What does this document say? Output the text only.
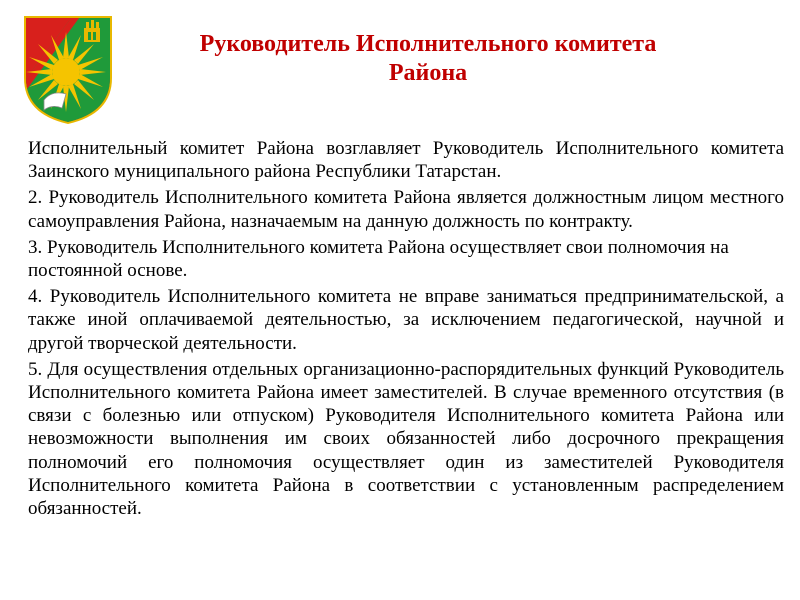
Руководитель Исполнительного комитета
Района

Исполнительный комитет Района возглавляет Руководитель Исполнительного комитета Заинского муниципального района Республики Татарстан.

2. Руководитель Исполнительного комитета Района является должностным лицом местного самоуправления Района, назначаемым на данную должность по контракту.

3. Руководитель Исполнительного комитета Района осуществляет свои полномочия на постоянной основе.

4. Руководитель Исполнительного комитета не вправе заниматься предпринимательской, а также иной оплачиваемой деятельностью, за исключением педагогической, научной и другой творческой деятельности.

5. Для осуществления отдельных организационно-распорядительных функций Руководитель Исполнительного комитета Района имеет заместителей. В случае временного отсутствия (в связи с болезнью или отпуском) Руководителя Исполнительного комитета Района или невозможности выполнения им своих обязанностей либо досрочного прекращения полномочий его полномочия осуществляет один из заместителей Руководителя Исполнительного комитета Района в соответствии с установленным распределением обязанностей.
